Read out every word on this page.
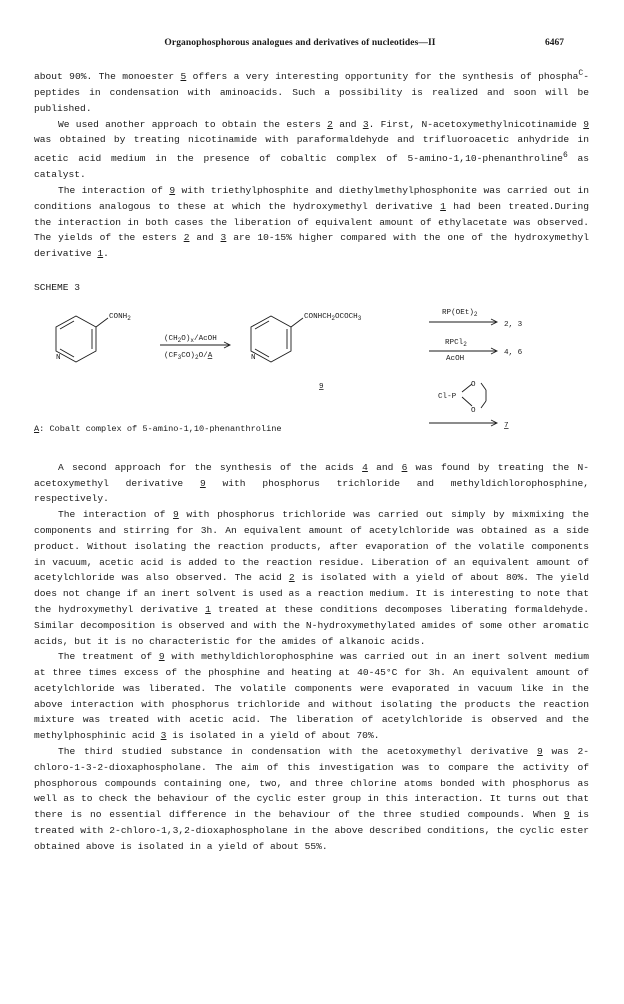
Organophosphorous analogues and derivatives of nucleotides—II	6467

about 90%. The monoester 5 offers a very interesting opportunity for the synthesis of phospha$^C$-peptides in condensation with aminoacids. Such a possibility is realized and soon will be published.

We used another approach to obtain the esters 2 and 3. First, N-acetoxymethylnicotinamide 9 was obtained by treating nicotinamide with paraformaldehyde and trifluoroacetic anhydride in acetic acid medium in the presence of cobaltic complex of 5-amino-1,10-phenanthroline$^6$ as catalyst.

The interaction of 9 with triethylphosphite and diethylmethylphosphonite was carried out in conditions analogous to these at which the hydroxymethyl derivative 1 had been treated.During the interaction in both cases the liberation of equivalent amount of ethylacetate was observed. The yields of the esters 2 and 3 are 10-15% higher compared with the one of the hydroxymethyl derivative 1.

SCHEME 3

N
$CONH_2$
$(CH_2O)_x$/AcOH
$(CF_3CO)_2O/A$	N
$CONHCH_2OCOCH_3$
9
$RP(OEt)_2$
2, 3
RPCl$_2$
AcOH
4, 6
Cl-P
O
O
7
A: Cobalt complex of 5-amino-1,10-phenanthroline

A second approach for the synthesis of the acids 4 and 6 was found by treating the N-acetoxymethyl derivative 9 with phosphorus trichloride and methyldichlorophosphine, respectively.

The interaction of 9 with phosphorus trichloride was carried out simply by mixmixing the components and stirring for 3h. An equivalent amount of acetylchloride was obtained as a side product. Without isolating the reaction products, after evaporation of the volatile components in vacuum, acetic acid is added to the reaction residue. Liberation of an equivalent amount of acetylchloride was also observed. The acid 2 is isolated with a yield of about 80%. The yield does not change if an inert solvent is used as a reaction medium. It is interesting to note that the hydroxymethyl derivative 1 treated at these conditions decomposes liberating formaldehyde. Similar decomposition is observed and with the N-hydroxymethylated amides of some other aromatic acids, but it is no characteristic for the amides of alkanoic acids.

The treatment of 9 with methyldichlorophosphine was carried out in an inert solvent medium at three times excess of the phosphine and heating at 40-45°C for 3h. An equivalent amount of acetylchloride was liberated. The volatile components were evaporated in vacuum like in the above interaction with phosphorus trichloride and without isolating the products the reaction mixture was treated with acetic acid. The liberation of acetylchloride is observed and the methylphosphinic acid 3 is isolated in a yield of about 70%.

The third studied substance in condensation with the acetoxymethyl derivative 9 was 2-chloro-1-3-2-dioxaphospholane. The aim of this investigation was to compare the activity of phosphorous compounds containing one, two, and three chlorine atoms bonded with phosphorus as well as to check the behaviour of the cyclic ester group in this interaction. It turns out that there is no essential difference in the behaviour of the three studied compounds. When 9 is treated with 2-chloro-1,3,2-dioxaphospholane in the above described conditions, the cyclic ester obtained above is isolated in a yield of about 55%.
